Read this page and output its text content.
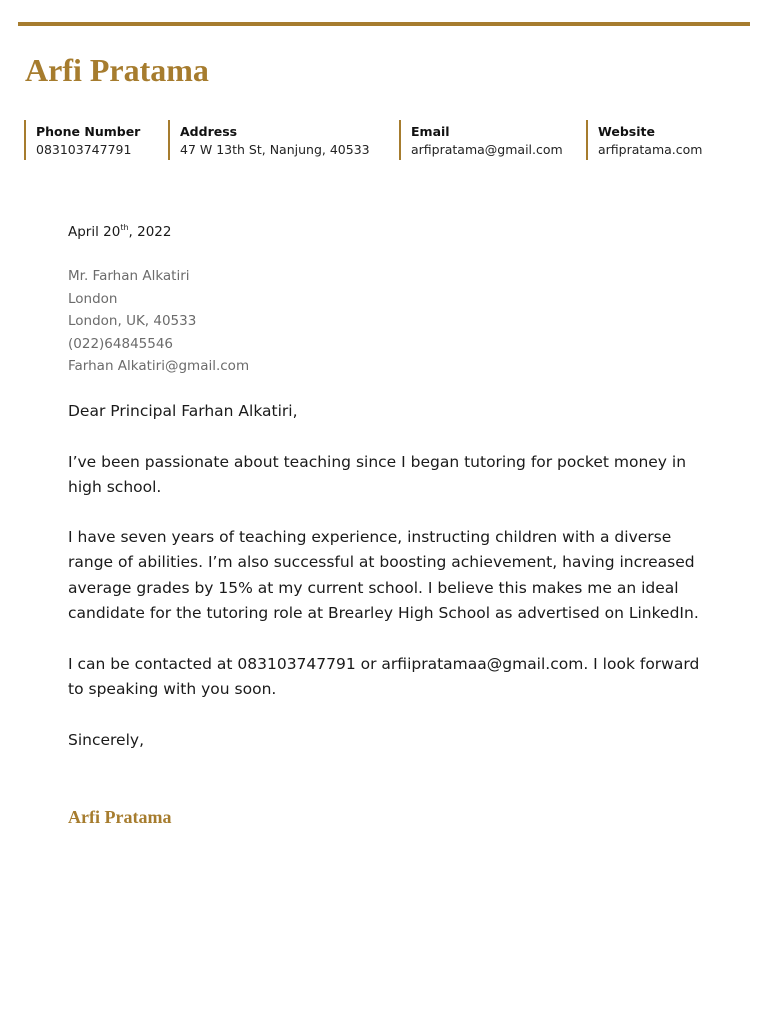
Arfi Pratama
Phone Number
083103747791
Address
47 W 13th St, Nanjung, 40533
Email
arfipratama@gmail.com
Website
arfipratama.com
April 20th, 2022
Mr. Farhan Alkatiri
London
London, UK, 40533
(022)64845546
Farhan Alkatiri@gmail.com

Dear Principal Farhan Alkatiri,

I’ve been passionate about teaching since I began tutoring for pocket money in high school.

I have seven years of teaching experience, instructing children with a diverse range of abilities. I’m also successful at boosting achievement, having increased average grades by 15% at my current school. I believe this makes me an ideal candidate for the tutoring role at Brearley High School as advertised on LinkedIn.

I can be contacted at 083103747791 or arfiipratamaa@gmail.com. I look forward to speaking with you soon.

Sincerely,

Arfi Pratama
